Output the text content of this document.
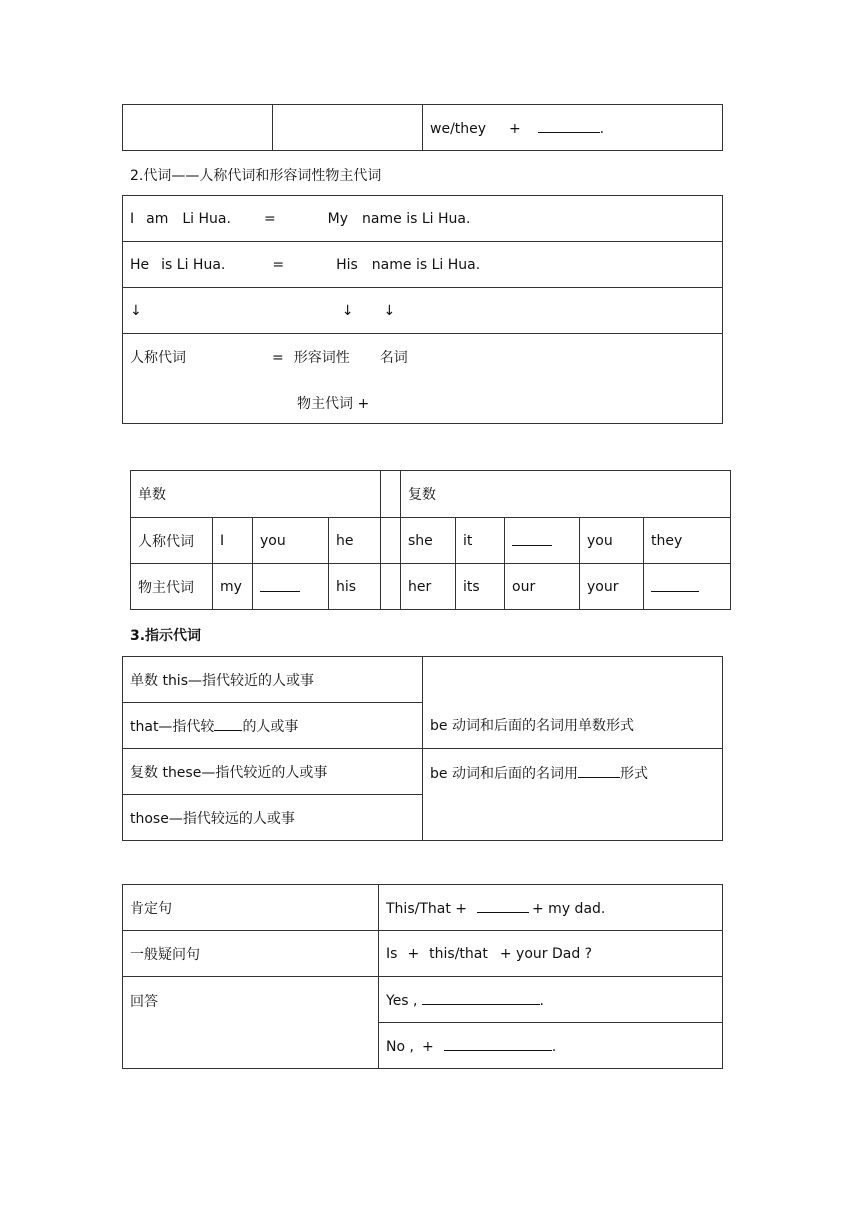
		we/they +	.
2.代词——人称代词和形容词性物主代词
I am Li Hua. =	My name is Li Hua.
He is Li Hua.	=	His name is Li Hua.
↓	↓ ↓

人称代词	= 形容词性 名词
物主代词 +
单数					复数				
人称代词	I	you	he		she	it		you	they
物主代词	my		his		her	its	our	your	
3.指示代词
单数 this—指代较近的人或事	be 动词和后面的名词用单数形式
that—指代较 的人或事	
复数 these—指代较近的人或事	be 动词和后面的名词用 形式
those—指代较远的人或事	
肯定句	This/That + + my dad.
一般疑问句	Is + this/that + your Dad ?
回答	Yes , .
	No , + .
